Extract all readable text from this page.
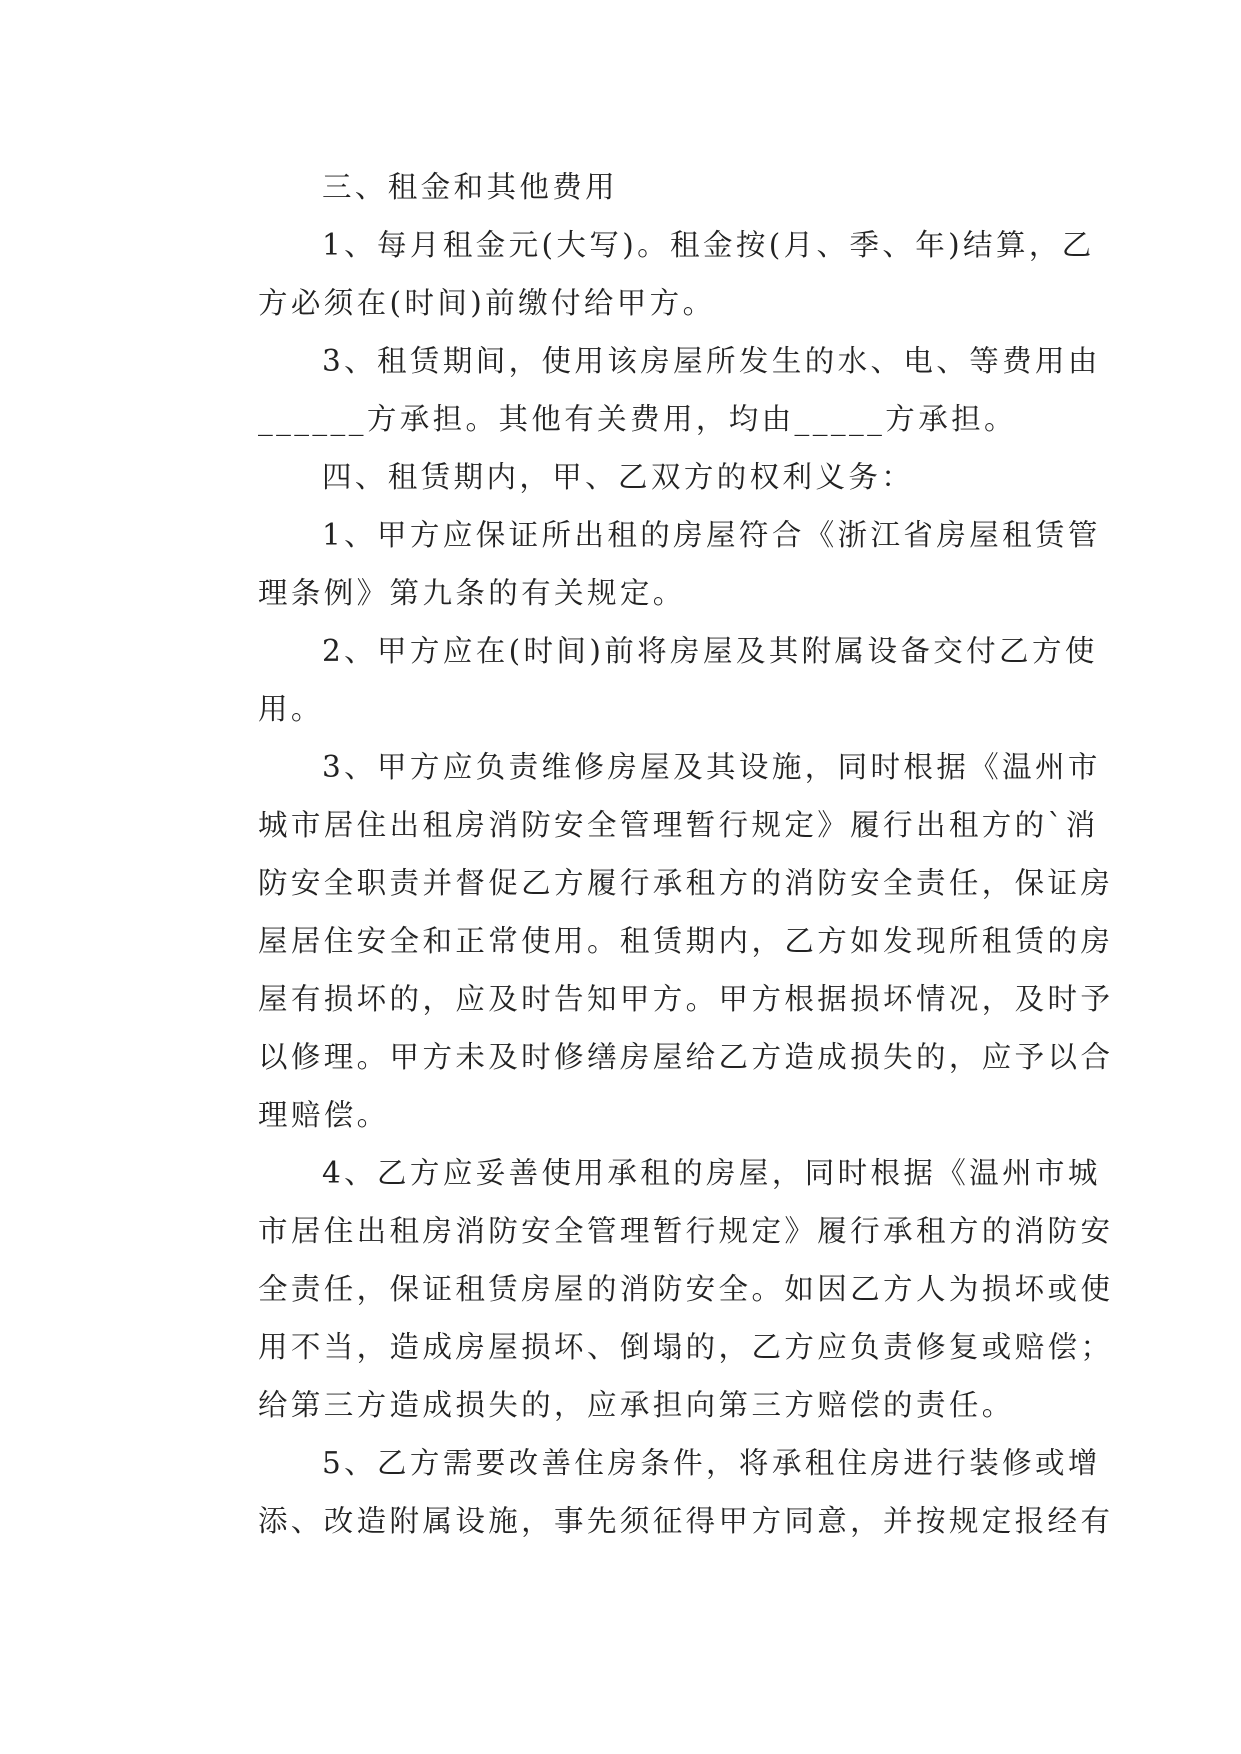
三、租金和其他费用
1、每月租金元(大写)。租金按(月、季、年)结算，乙
方必须在(时间)前缴付给甲方。
3、租赁期间，使用该房屋所发生的水、电、等费用由
______方承担。其他有关费用，均由_____方承担。
四、租赁期内，甲、乙双方的权利义务：
1、甲方应保证所出租的房屋符合《浙江省房屋租赁管
理条例》第九条的有关规定。
2、甲方应在(时间)前将房屋及其附属设备交付乙方使
用。
3、甲方应负责维修房屋及其设施，同时根据《温州市
城市居住出租房消防安全管理暂行规定》履行出租方的`消
防安全职责并督促乙方履行承租方的消防安全责任，保证房
屋居住安全和正常使用。租赁期内，乙方如发现所租赁的房
屋有损坏的，应及时告知甲方。甲方根据损坏情况，及时予
以修理。甲方未及时修缮房屋给乙方造成损失的，应予以合
理赔偿。
4、乙方应妥善使用承租的房屋，同时根据《温州市城
市居住出租房消防安全管理暂行规定》履行承租方的消防安
全责任，保证租赁房屋的消防安全。如因乙方人为损坏或使
用不当，造成房屋损坏、倒塌的，乙方应负责修复或赔偿；
给第三方造成损失的，应承担向第三方赔偿的责任。
5、乙方需要改善住房条件，将承租住房进行装修或增
添、改造附属设施，事先须征得甲方同意，并按规定报经有
